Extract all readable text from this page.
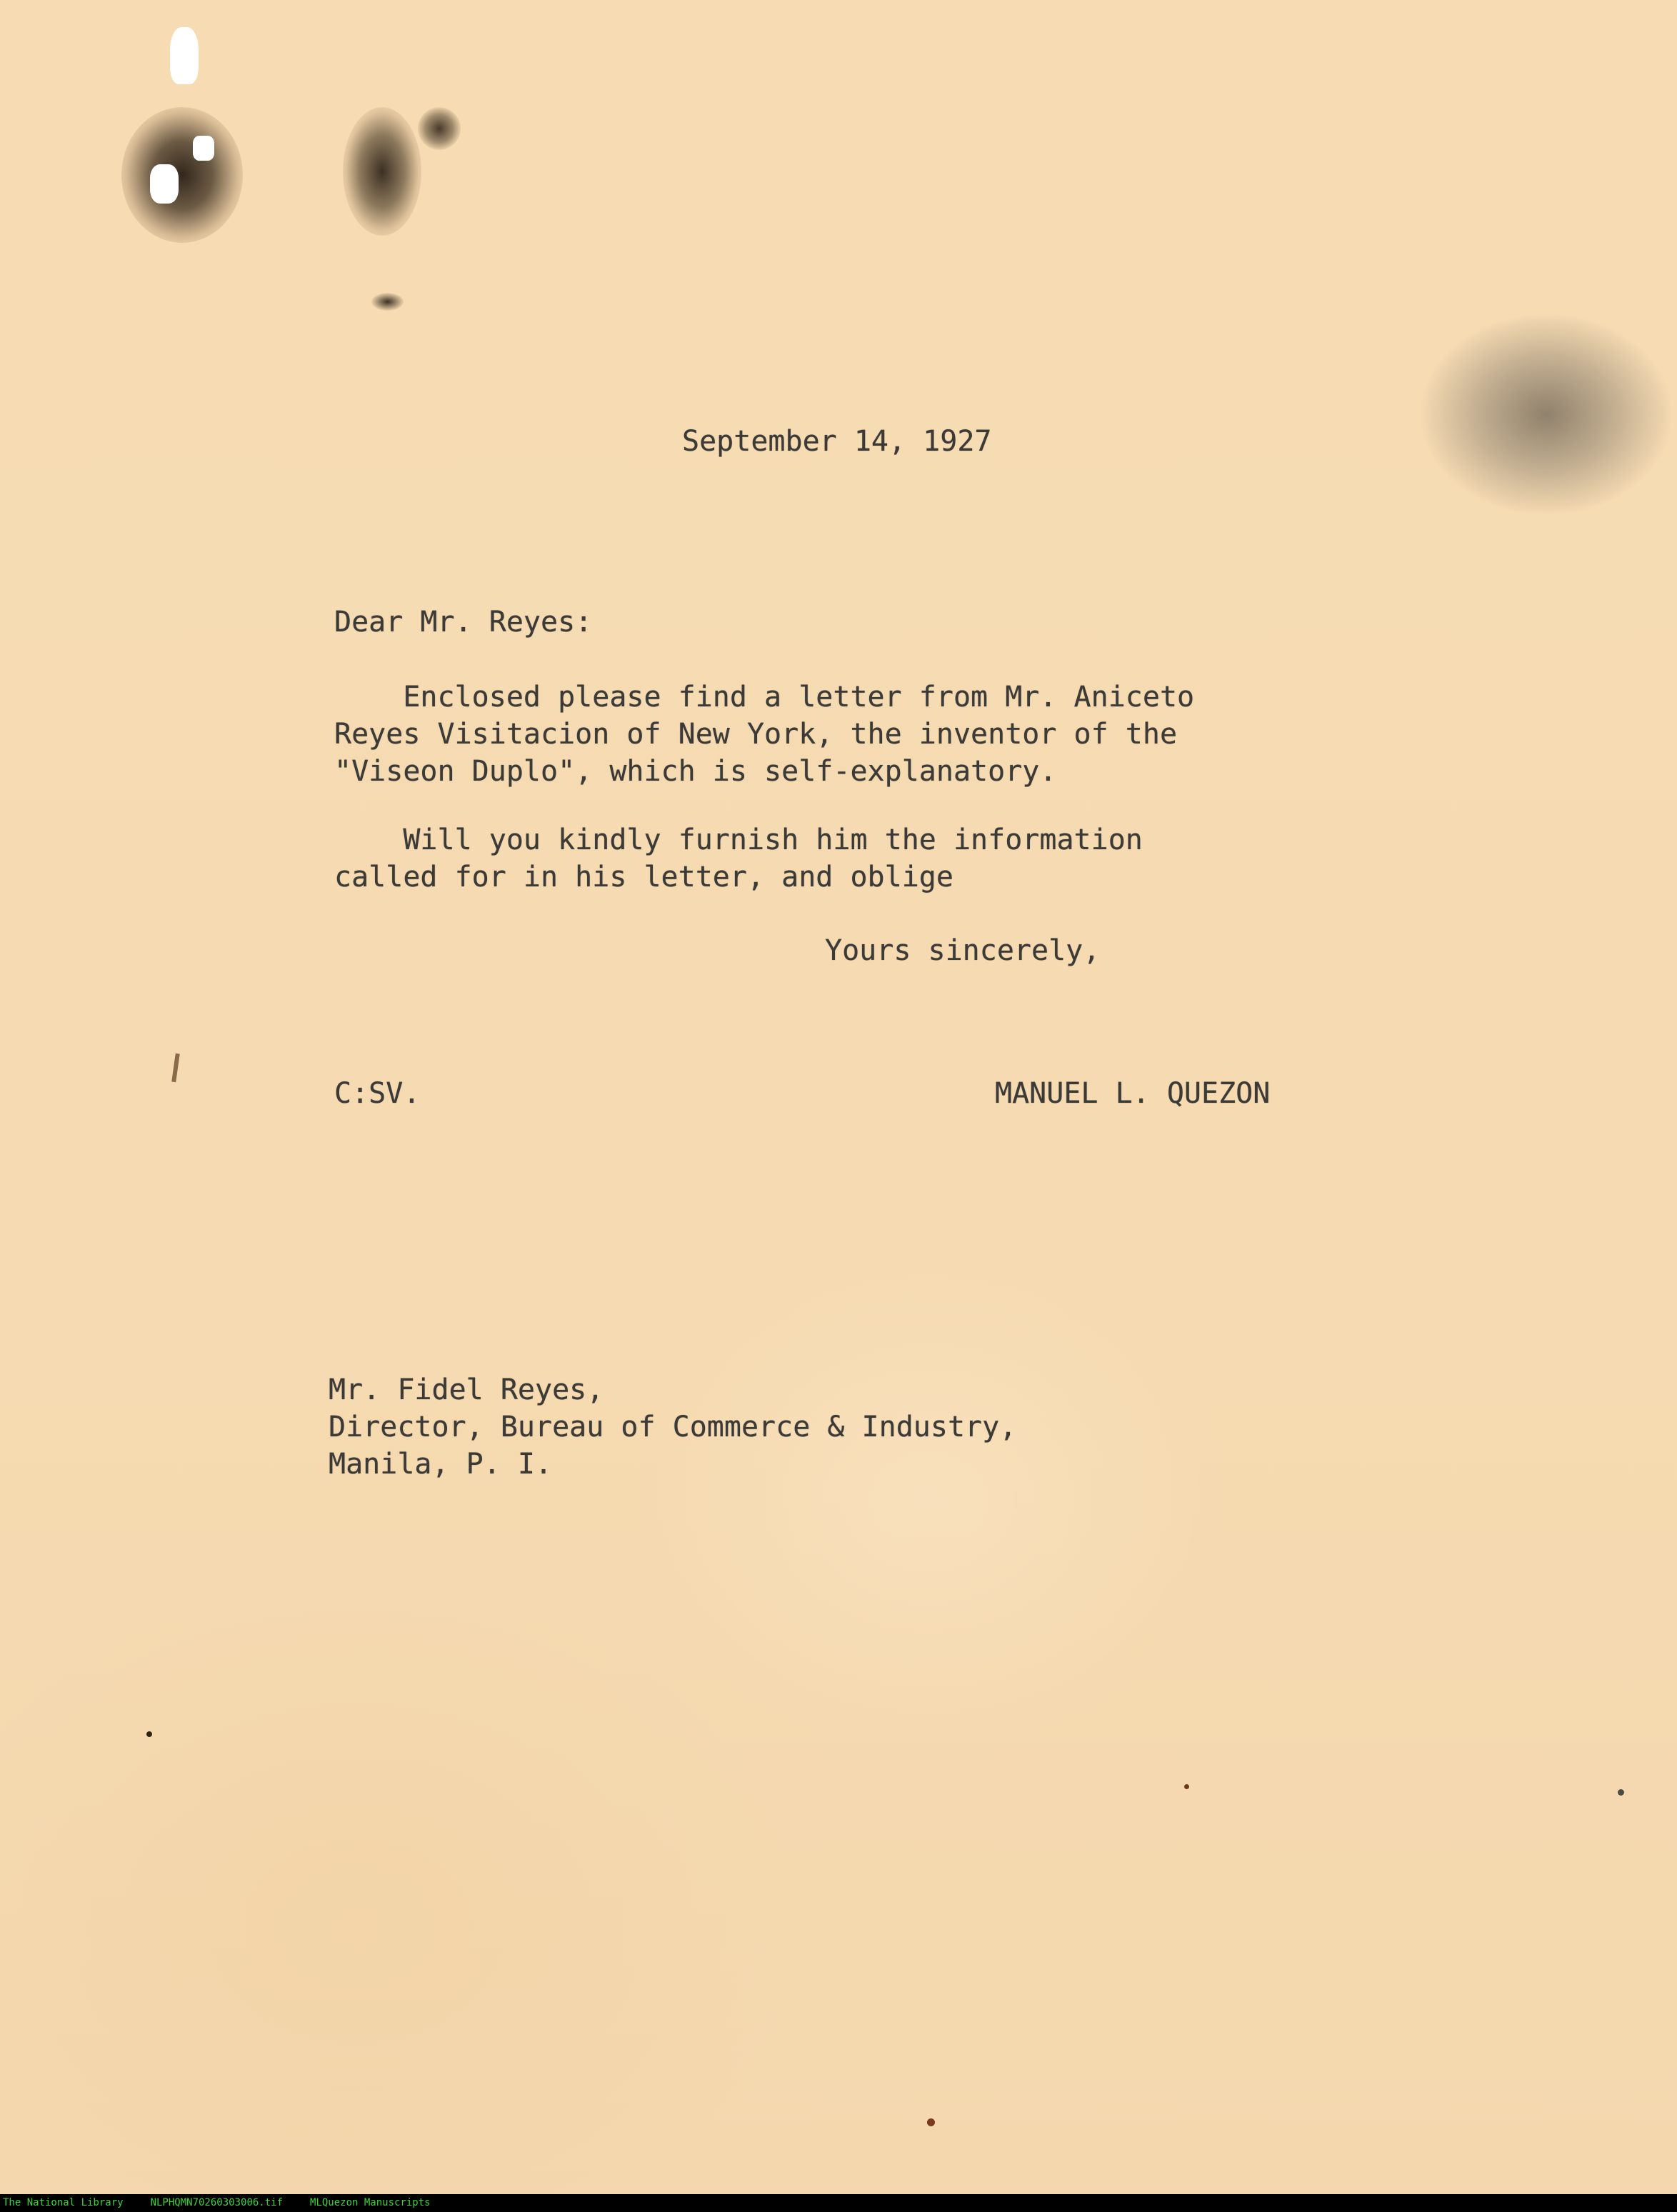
September 14, 1927

Dear Mr. Reyes:

Enclosed please find a letter from Mr. Aniceto
Reyes Visitacion of New York, the inventor of the
"Viseon Duplo", which is self-explanatory.

Will you kindly furnish him the information
called for in his letter, and oblige

Yours sincerely,

C:SV.	MANUEL L. QUEZON

Mr. Fidel Reyes,
Director, Bureau of Commerce & Industry,
Manila, P. I.

The National Library	NLPHQMN70260303006.tif	MLQuezon Manuscripts
